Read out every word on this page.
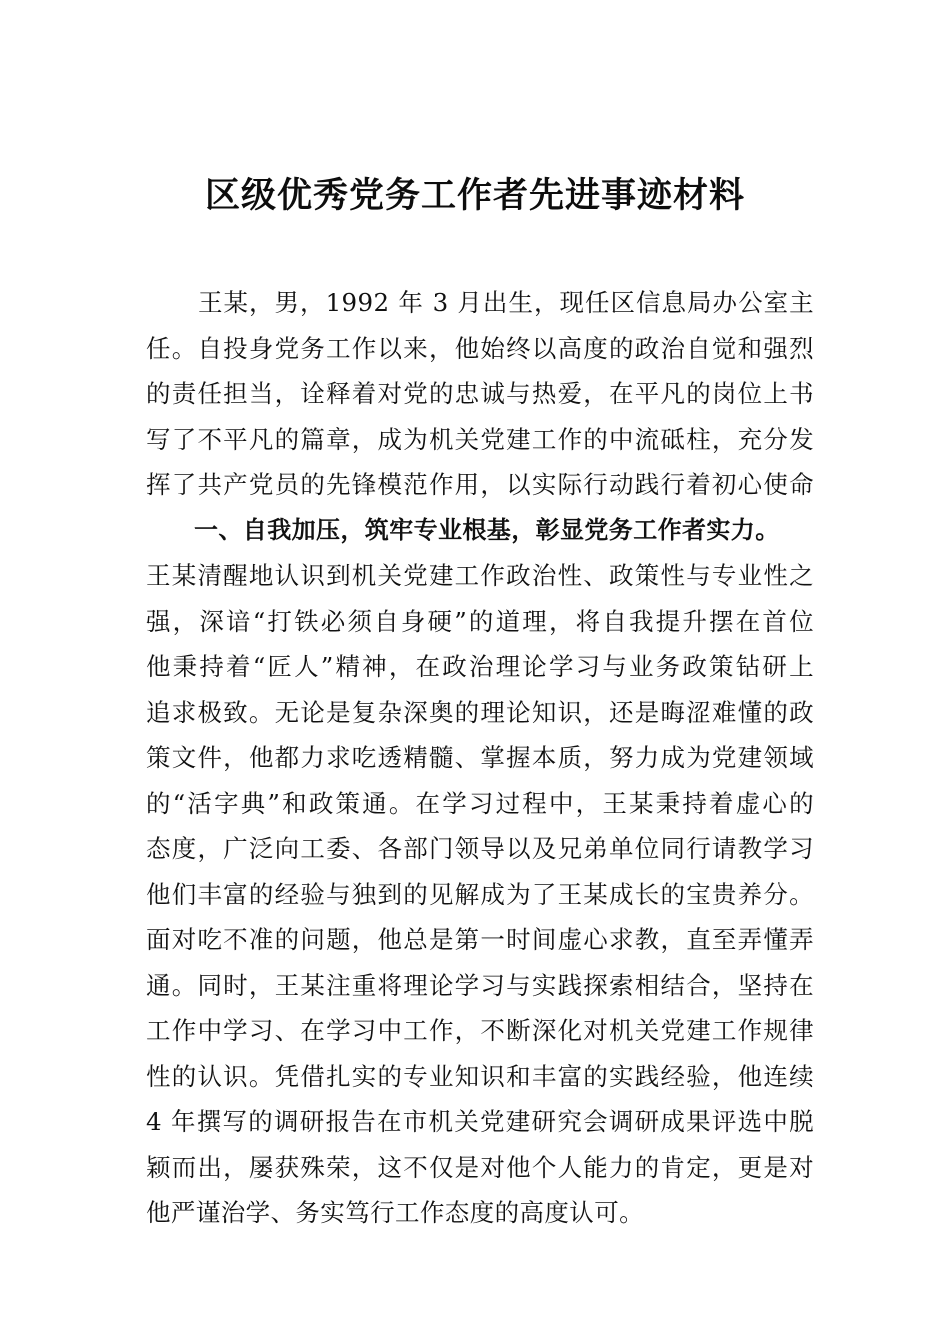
区级优秀党务工作者先进事迹材料
王某，男，1992 年 3 月出生，现任区信息局办公室主
任。自投身党务工作以来，他始终以高度的政治自觉和强烈
的责任担当，诠释着对党的忠诚与热爱，在平凡的岗位上书
写了不平凡的篇章，成为机关党建工作的中流砥柱，充分发
挥了共产党员的先锋模范作用，以实际行动践行着初心使命
一、自我加压，筑牢专业根基，彰显党务工作者实力。
王某清醒地认识到机关党建工作政治性、政策性与专业性之
强，深谙“打铁必须自身硬”的道理，将自我提升摆在首位
他秉持着“匠人”精神，在政治理论学习与业务政策钻研上
追求极致。无论是复杂深奥的理论知识，还是晦涩难懂的政
策文件，他都力求吃透精髓、掌握本质，努力成为党建领域
的“活字典”和政策通。在学习过程中，王某秉持着虚心的
态度，广泛向工委、各部门领导以及兄弟单位同行请教学习
他们丰富的经验与独到的见解成为了王某成长的宝贵养分。
面对吃不准的问题，他总是第一时间虚心求教，直至弄懂弄
通。同时，王某注重将理论学习与实践探索相结合，坚持在
工作中学习、在学习中工作，不断深化对机关党建工作规律
性的认识。凭借扎实的专业知识和丰富的实践经验，他连续
4 年撰写的调研报告在市机关党建研究会调研成果评选中脱
颖而出，屡获殊荣，这不仅是对他个人能力的肯定，更是对
他严谨治学、务实笃行工作态度的高度认可。
